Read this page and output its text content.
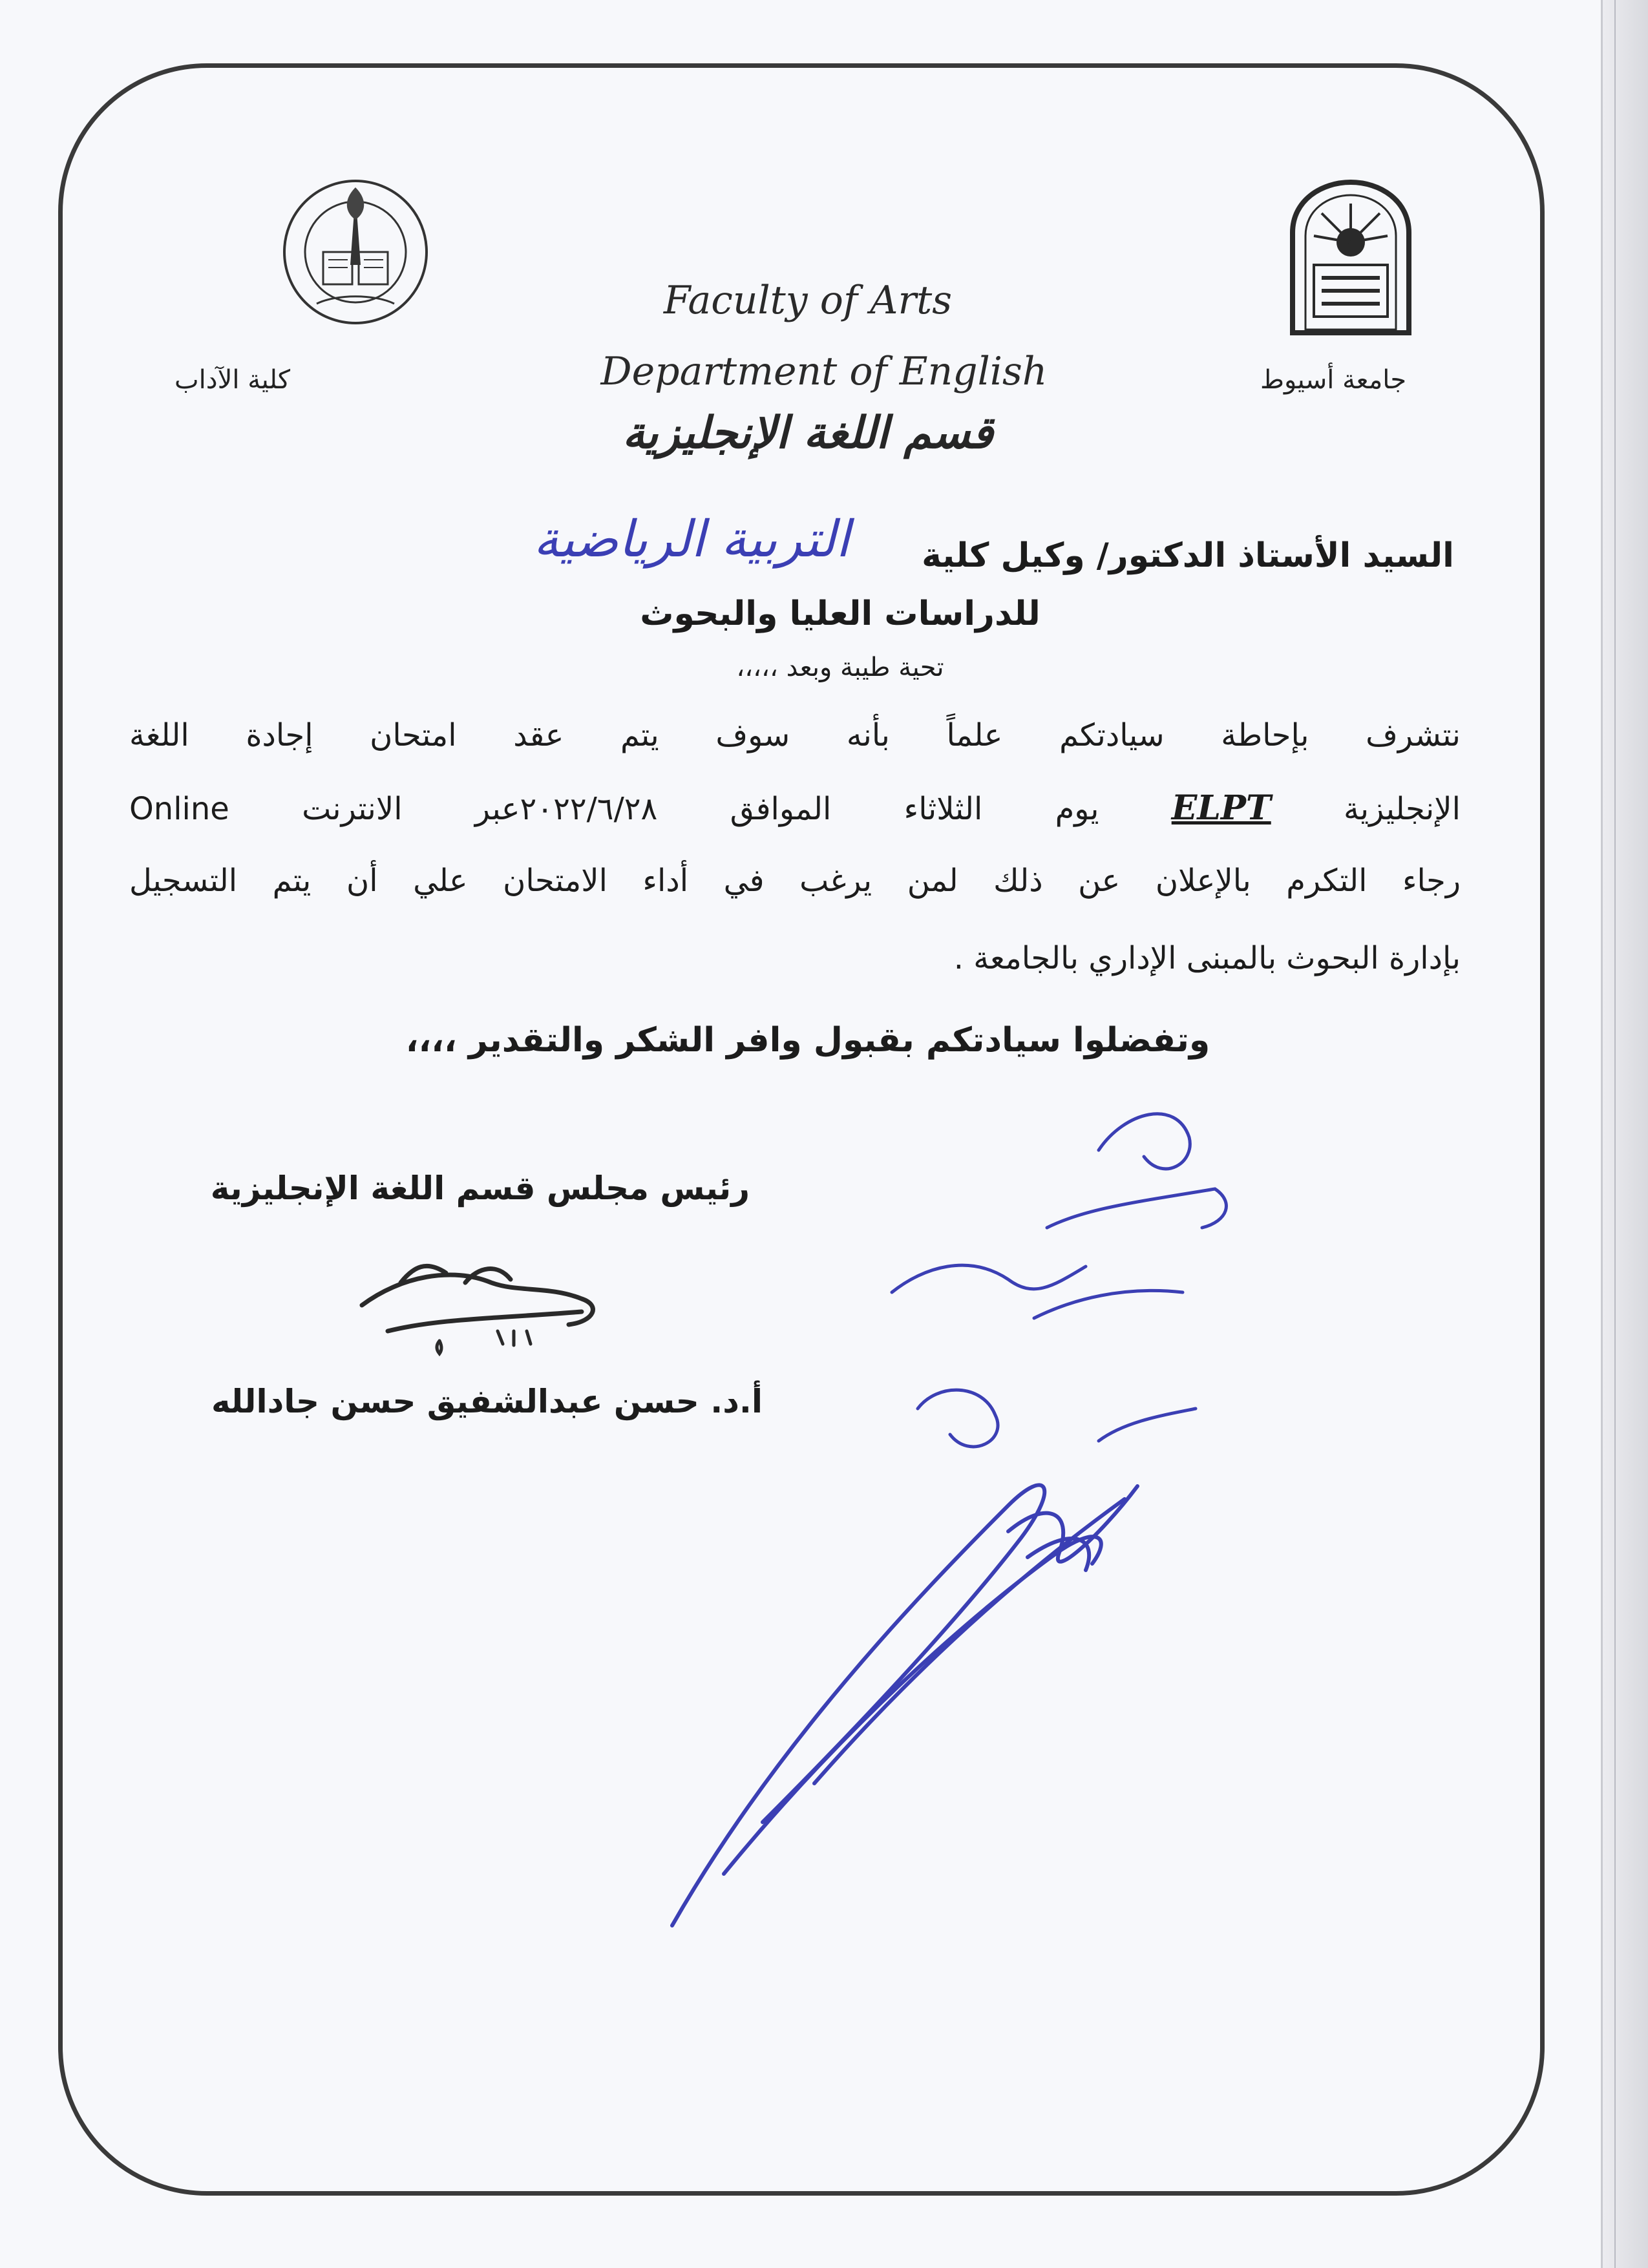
Faculty of Arts
Department of English
قسم اللغة الإنجليزية
كلية الآداب	جامعة أسيوط
السيد الأستاذ الدكتور/ وكيل كلية
التربية الرياضية
للدراسات العليا والبحوث
تحية طيبة وبعد ،،،،،
نتشرف بإحاطة سيادتكم علماً بأنه سوف يتم عقد امتحان إجادة اللغة
الإنجليزية ELPT يوم الثلاثاء الموافق ٢٠٢٢/٦/٢٨عبر الانترنت Online
رجاء التكرم بالإعلان عن ذلك لمن يرغب في أداء الامتحان علي أن يتم التسجيل
بإدارة البحوث بالمبنى الإداري بالجامعة .
وتفضلوا سيادتكم بقبول وافر الشكر والتقدير ،،،،
رئيس مجلس قسم اللغة الإنجليزية
أ.د. حسن عبدالشفيق حسن جادالله
